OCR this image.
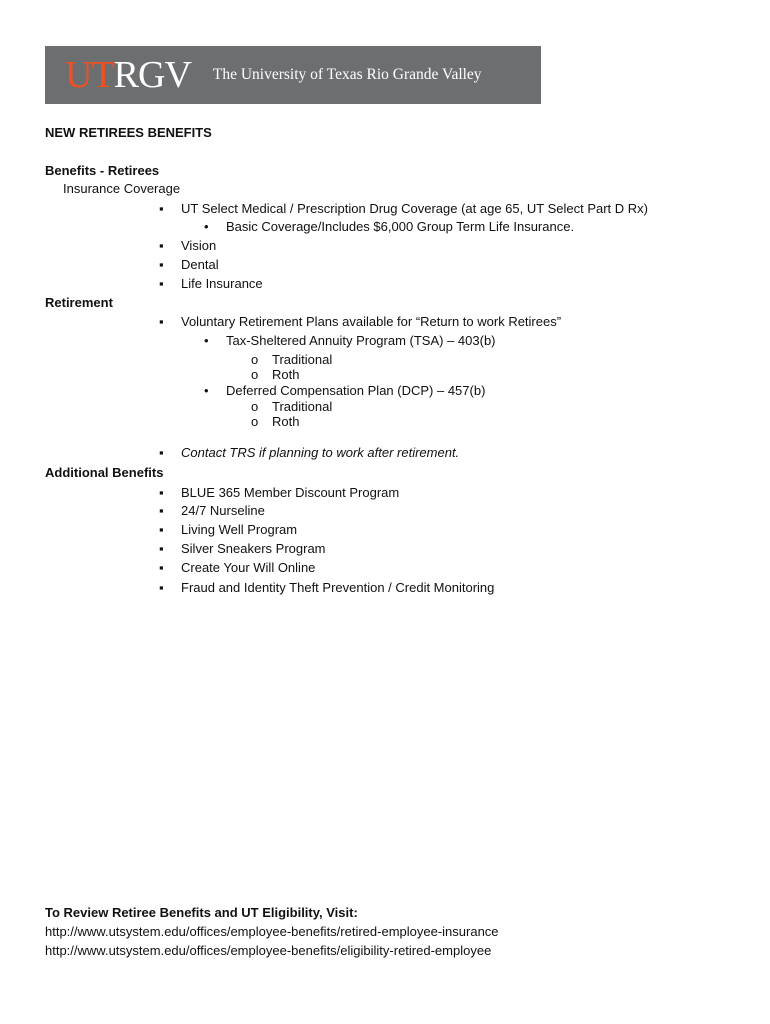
UTRGV The University of Texas Rio Grande Valley
NEW RETIREES BENEFITS
Benefits - Retirees
Insurance Coverage
▪ UT Select Medical / Prescription Drug Coverage (at age 65, UT Select Part D Rx)
• Basic Coverage/Includes $6,000 Group Term Life Insurance.
▪ Vision
▪ Dental
▪ Life Insurance
Retirement
▪ Voluntary Retirement Plans available for “Return to work Retirees”
• Tax-Sheltered Annuity Program (TSA) – 403(b)
o Traditional
o Roth
• Deferred Compensation Plan (DCP) – 457(b)
o Traditional
o Roth
▪ Contact TRS if planning to work after retirement.
Additional Benefits
▪ BLUE 365 Member Discount Program
▪ 24/7 Nurseline
▪ Living Well Program
▪ Silver Sneakers Program
▪ Create Your Will Online
▪ Fraud and Identity Theft Prevention / Credit Monitoring
To Review Retiree Benefits and UT Eligibility, Visit:
http://www.utsystem.edu/offices/employee-benefits/retired-employee-insurance
http://www.utsystem.edu/offices/employee-benefits/eligibility-retired-employee
